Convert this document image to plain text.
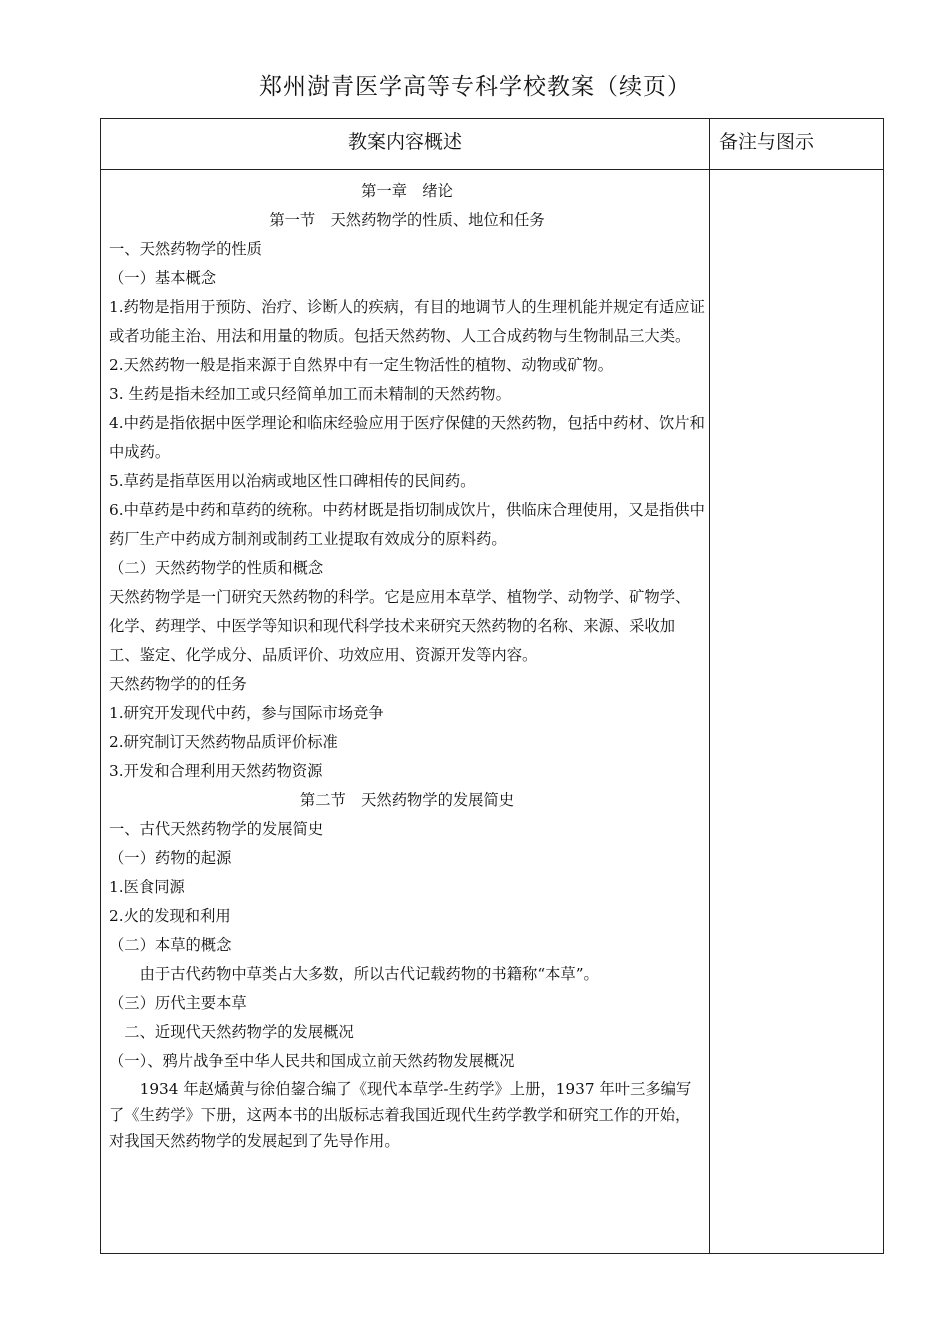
郑州澍青医学高等专科学校教案（续页）
教案内容概述	备注与图示

第一章　绪论

第一节　天然药物学的性质、地位和任务

一、天然药物学的性质

（一）基本概念

1.药物是指用于预防、治疗、诊断人的疾病，有目的地调节人的生理机能并规定有适应证或者功能主治、用法和用量的物质。包括天然药物、人工合成药物与生物制品三大类。

2.天然药物一般是指来源于自然界中有一定生物活性的植物、动物或矿物。

3. 生药是指未经加工或只经简单加工而未精制的天然药物。

4.中药是指依据中医学理论和临床经验应用于医疗保健的天然药物，包括中药材、饮片和中成药。

5.草药是指草医用以治病或地区性口碑相传的民间药。

6.中草药是中药和草药的统称。中药材既是指切制成饮片，供临床合理使用，又是指供中药厂生产中药成方制剂或制药工业提取有效成分的原料药。

（二）天然药物学的性质和概念

天然药物学是一门研究天然药物的科学。它是应用本草学、植物学、动物学、矿物学、化学、药理学、中医学等知识和现代科学技术来研究天然药物的名称、来源、采收加工、鉴定、化学成分、品质评价、功效应用、资源开发等内容。

天然药物学的的任务

1.研究开发现代中药，参与国际市场竞争

2.研究制订天然药物品质评价标准

3.开发和合理利用天然药物资源

第二节　天然药物学的发展简史

一、古代天然药物学的发展简史

（一）药物的起源

1.医食同源

2.火的发现和利用

（二）本草的概念

由于古代药物中草类占大多数，所以古代记载药物的书籍称“本草”。

（三）历代主要本草

二、近现代天然药物学的发展概况

（一）、鸦片战争至中华人民共和国成立前天然药物发展概况

1934 年赵燏黄与徐伯鋆合编了《现代本草学-生药学》上册，1937 年叶三多编写了《生药学》下册，这两本书的出版标志着我国近现代生药学教学和研究工作的开始，对我国天然药物学的发展起到了先导作用。
